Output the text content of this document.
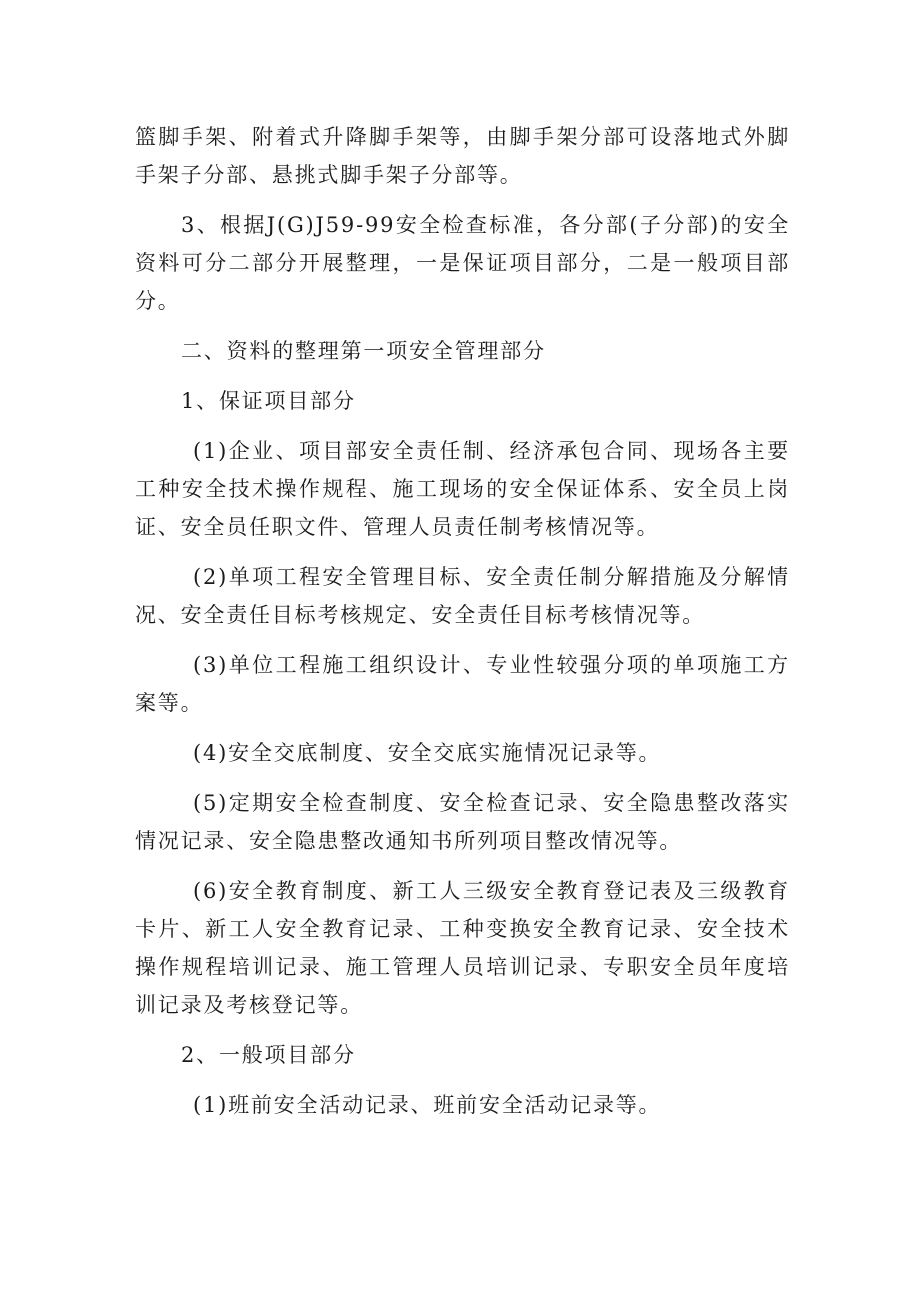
篮脚手架、附着式升降脚手架等，由脚手架分部可设落地式外脚手架子分部、悬挑式脚手架子分部等。

3、根据J(G)J59-99安全检查标准，各分部(子分部)的安全资料可分二部分开展整理，一是保证项目部分，二是一般项目部分。

二、资料的整理第一项安全管理部分

1、保证项目部分

(1)企业、项目部安全责任制、经济承包合同、现场各主要工种安全技术操作规程、施工现场的安全保证体系、安全员上岗证、安全员任职文件、管理人员责任制考核情况等。

(2)单项工程安全管理目标、安全责任制分解措施及分解情况、安全责任目标考核规定、安全责任目标考核情况等。

(3)单位工程施工组织设计、专业性较强分项的单项施工方案等。

(4)安全交底制度、安全交底实施情况记录等。

(5)定期安全检查制度、安全检查记录、安全隐患整改落实情况记录、安全隐患整改通知书所列项目整改情况等。

(6)安全教育制度、新工人三级安全教育登记表及三级教育卡片、新工人安全教育记录、工种变换安全教育记录、安全技术操作规程培训记录、施工管理人员培训记录、专职安全员年度培训记录及考核登记等。

2、一般项目部分

(1)班前安全活动记录、班前安全活动记录等。
